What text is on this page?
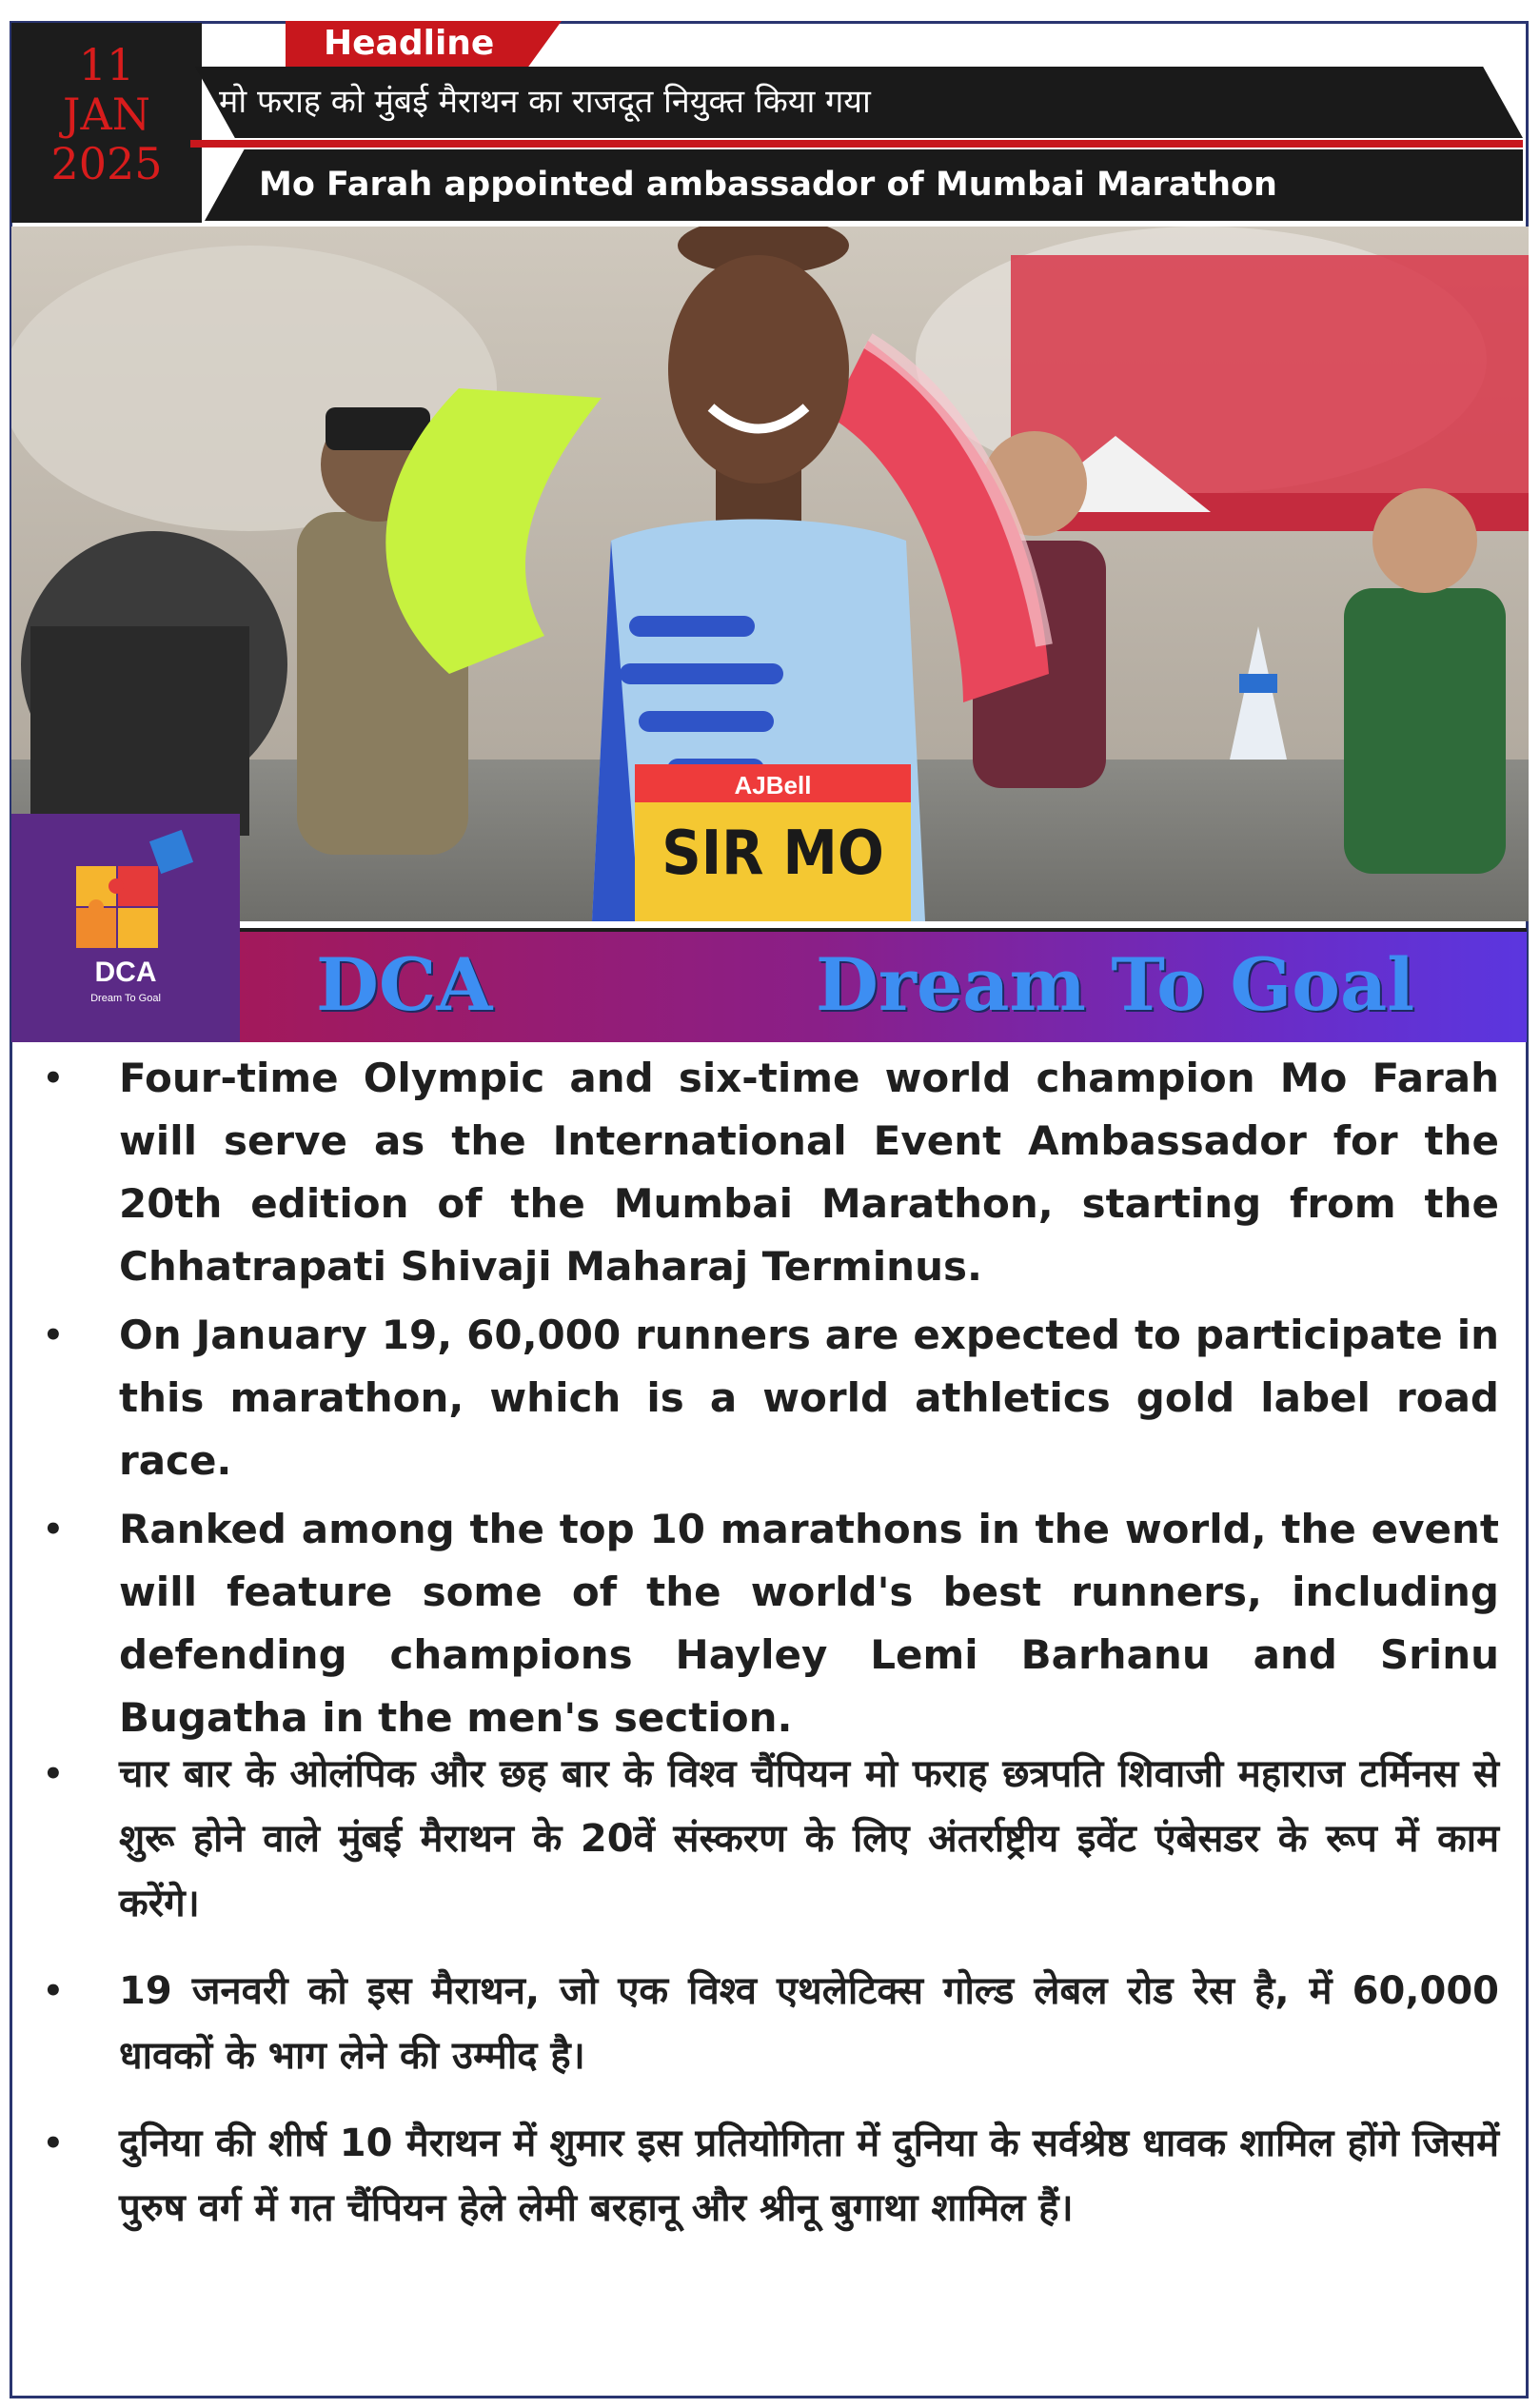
11
JAN
2025
Headline
मो फराह को मुंबई मैराथन का राजदूत नियुक्त किया गया
Mo Farah appointed ambassador of Mumbai Marathon
AJBell
SIR MO
DCA	Dream To Goal
DCA
Dream To Goal
• Four-time Olympic and six-time world champion Mo Farah will serve as the International Event Ambassador for the 20th edition of the Mumbai Marathon, starting from the Chhatrapati Shivaji Maharaj Terminus.
• On January 19, 60,000 runners are expected to participate in this marathon, which is a world athletics gold label road race.
• Ranked among the top 10 marathons in the world, the event will feature some of the world's best runners, including defending champions Hayley Lemi Barhanu and Srinu Bugatha in the men's section.
• चार बार के ओलंपिक और छह बार के विश्व चैंपियन मो फराह छत्रपति शिवाजी महाराज टर्मिनस से शुरू होने वाले मुंबई मैराथन के 20वें संस्करण के लिए अंतर्राष्ट्रीय इवेंट एंबेसडर के रूप में काम करेंगे।
• 19 जनवरी को इस मैराथन, जो एक विश्व एथलेटिक्स गोल्ड लेबल रोड रेस है, में 60,000 धावकों के भाग लेने की उम्मीद है।
• दुनिया की शीर्ष 10 मैराथन में शुमार इस प्रतियोगिता में दुनिया के सर्वश्रेष्ठ धावक शामिल होंगे जिसमें पुरुष वर्ग में गत चैंपियन हेले लेमी बरहानू और श्रीनू बुगाथा शामिल हैं।
